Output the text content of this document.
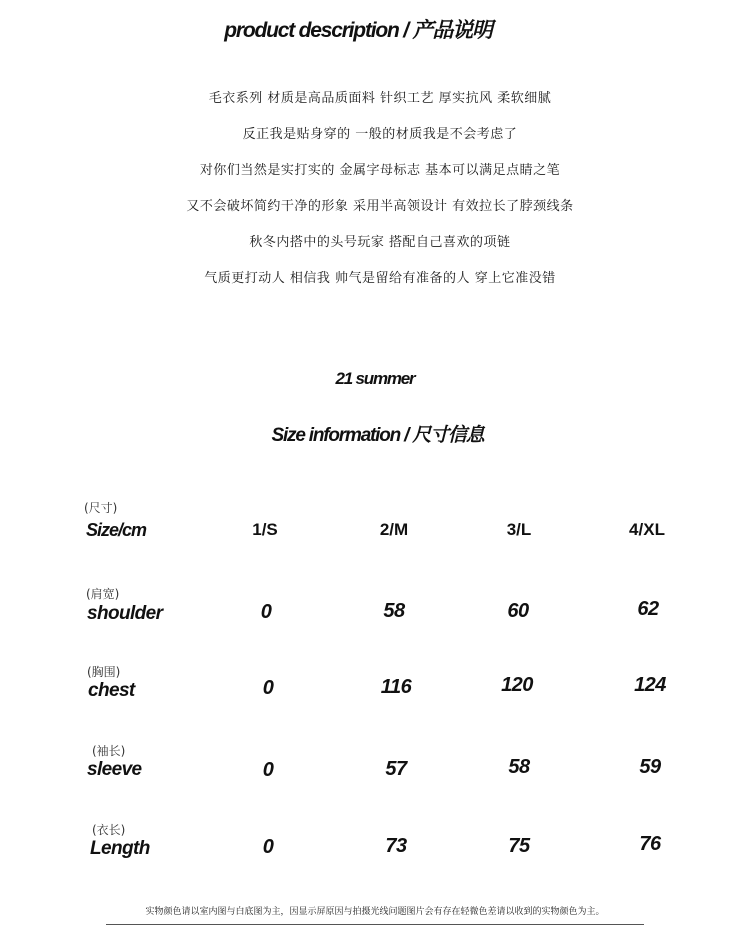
product description / 产品说明
毛衣系列 材质是高品质面料 针织工艺 厚实抗风 柔软细腻
反正我是贴身穿的 一般的材质我是不会考虑了
对你们当然是实打实的 金属字母标志 基本可以满足点睛之笔
又不会破坏简约干净的形象 采用半高领设计 有效拉长了脖颈线条
秋冬内搭中的头号玩家 搭配自己喜欢的项链
气质更打动人 相信我 帅气是留给有准备的人 穿上它准没错
21 summer
Size information / 尺寸信息
(尺寸)
Size/cm	1/S	2/M	3/L	4/XL
(肩宽)
shoulder	0	58	60	62
(胸围)
chest	0	116	120	124
(袖长)
sleeve	0	57	58	59
(衣长)
Length	0	73	75	76
实物颜色请以室内图与白底图为主，因显示屏原因与拍摄光线问题图片会有存在轻微色差请以收到的实物颜色为主。
